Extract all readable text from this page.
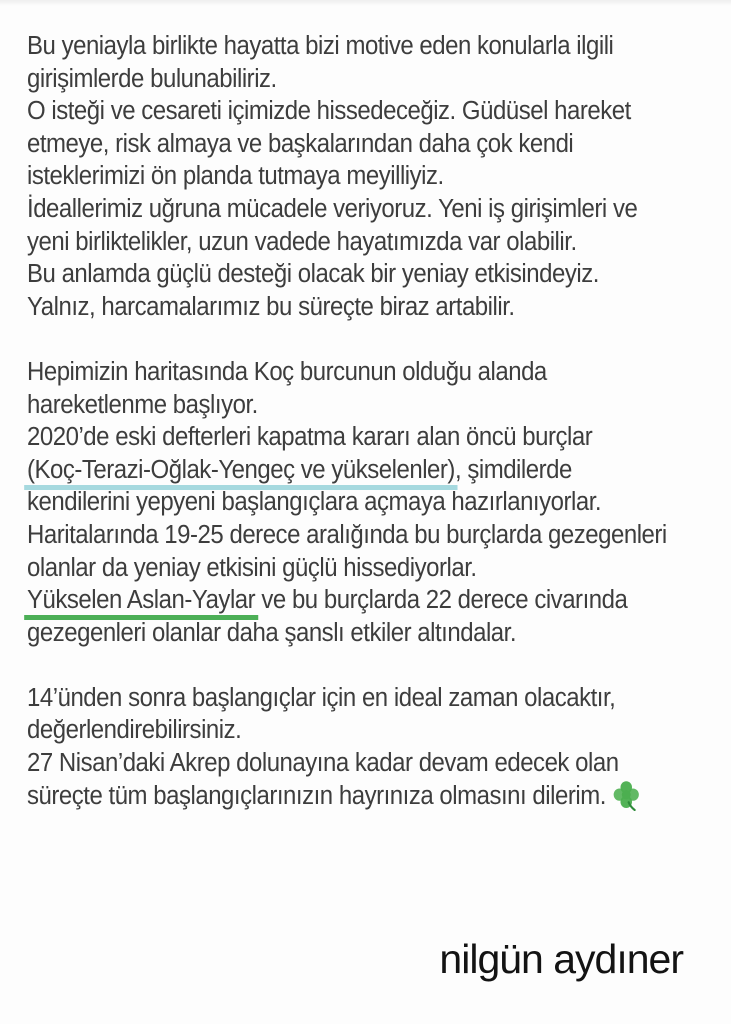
Bu yeniayla birlikte hayatta bizi motive eden konularla ilgili
girişimlerde bulunabiliriz.
O isteği ve cesareti içimizde hissedeceğiz. Güdüsel hareket
etmeye, risk almaya ve başkalarından daha çok kendi
isteklerimizi ön planda tutmaya meyilliyiz.
İdeallerimiz uğruna mücadele veriyoruz. Yeni iş girişimleri ve
yeni birliktelikler, uzun vadede hayatımızda var olabilir.
Bu anlamda güçlü desteği olacak bir yeniay etkisindeyiz.
Yalnız, harcamalarımız bu süreçte biraz artabilir.
Hepimizin haritasında Koç burcunun olduğu alanda
hareketlenme başlıyor.
2020’de eski defterleri kapatma kararı alan öncü burçlar
(Koç-Terazi-Oğlak-Yengeç ve yükselenler), şimdilerde
kendilerini yepyeni başlangıçlara açmaya hazırlanıyorlar.
Haritalarında 19-25 derece aralığında bu burçlarda gezegenleri
olanlar da yeniay etkisini güçlü hissediyorlar.
Yükselen Aslan-Yaylar ve bu burçlarda 22 derece civarında
gezegenleri olanlar daha şanslı etkiler altındalar.
14’ünden sonra başlangıçlar için en ideal zaman olacaktır,
değerlendirebilirsiniz.
27 Nisan’daki Akrep dolunayına kadar devam edecek olan
süreçte tüm başlangıçlarınızın hayrınıza olmasını dilerim.
nilgün aydıner
